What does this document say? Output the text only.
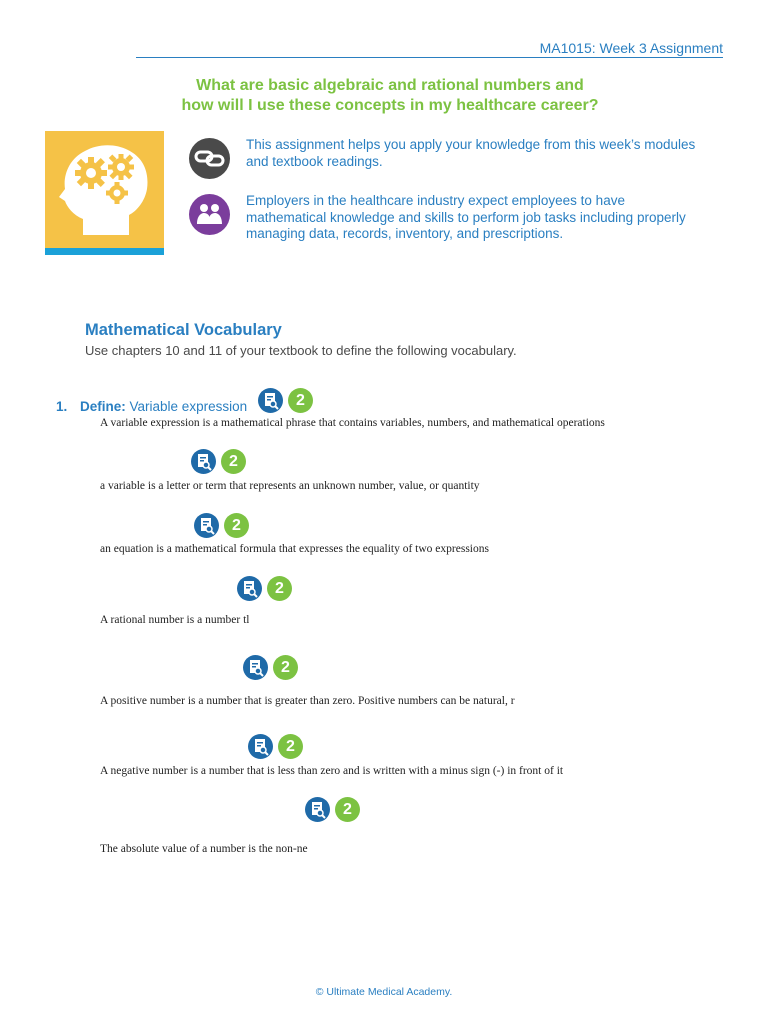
MA1015: Week 3 Assignment
What are basic algebraic and rational numbers and
how will I use these concepts in my healthcare career?
This assignment helps you apply your knowledge from this week’s modules
and textbook readings.
Employers in the healthcare industry expect employees to have
mathematical knowledge and skills to perform job tasks including properly
managing data, records, inventory, and prescriptions.
Mathematical Vocabulary
Use chapters 10 and 11 of your textbook to define the following vocabulary.
1. Define: Variable expression	2
A variable expression is a mathematical phrase that contains variables, numbers, and mathematical operations
2
a variable is a letter or term that represents an unknown number, value, or quantity
2
an equation is a mathematical formula that expresses the equality of two expressions
2
A rational number is a number tl
2
A positive number is a number that is greater than zero. Positive numbers can be natural, r
2
A negative number is a number that is less than zero and is written with a minus sign (-) in front of it
2
The absolute value of a number is the non-ne
© Ultimate Medical Academy.
